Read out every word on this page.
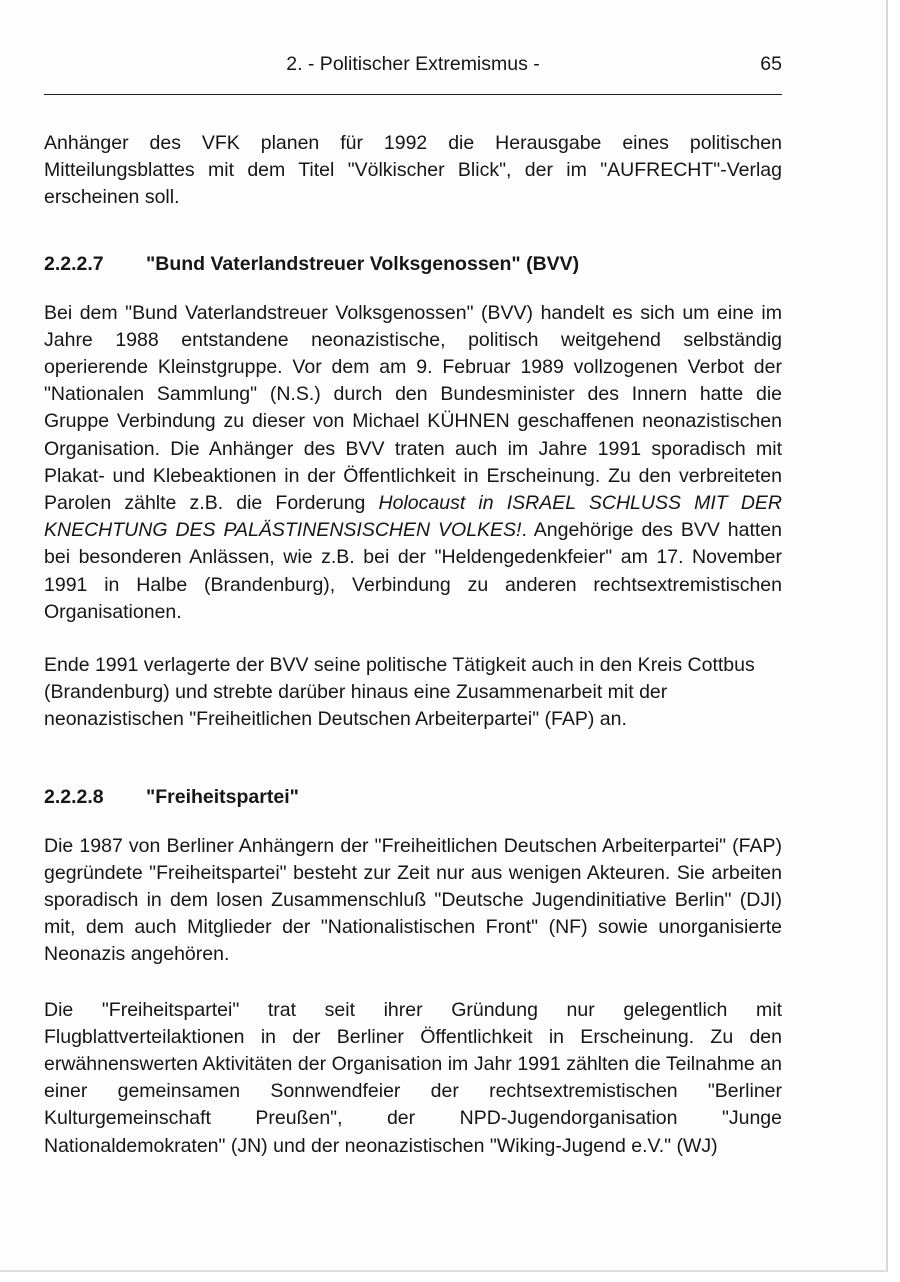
2. - Politischer Extremismus -	65

Anhänger des VFK planen für 1992 die Herausgabe eines politischen Mitteilungsblattes mit dem Titel "Völkischer Blick", der im "AUFRECHT"-Verlag erscheinen soll.

2.2.2.7 "Bund Vaterlandstreuer Volksgenossen" (BVV)

Bei dem "Bund Vaterlandstreuer Volksgenossen" (BVV) handelt es sich um eine im Jahre 1988 entstandene neonazistische, politisch weitgehend selbständig operierende Kleinstgruppe. Vor dem am 9. Februar 1989 vollzogenen Verbot der "Nationalen Sammlung" (N.S.) durch den Bundesminister des Innern hatte die Gruppe Verbindung zu dieser von Michael KÜHNEN geschaffenen neonazistischen Organisation. Die Anhänger des BVV traten auch im Jahre 1991 sporadisch mit Plakat- und Klebeaktionen in der Öffentlichkeit in Erscheinung. Zu den verbreiteten Parolen zählte z.B. die Forderung Holocaust in ISRAEL SCHLUSS MIT DER KNECHTUNG DES PALÄSTINENSISCHEN VOLKES!. Angehörige des BVV hatten bei besonderen Anlässen, wie z.B. bei der "Heldengedenkfeier" am 17. November 1991 in Halbe (Brandenburg), Verbindung zu anderen rechtsextremistischen Organisationen.

Ende 1991 verlagerte der BVV seine politische Tätigkeit auch in den Kreis Cottbus (Brandenburg) und strebte darüber hinaus eine Zusammenarbeit mit der neonazistischen "Freiheitlichen Deutschen Arbeiterpartei" (FAP) an.

2.2.2.8 "Freiheitspartei"

Die 1987 von Berliner Anhängern der "Freiheitlichen Deutschen Arbeiterpartei" (FAP) gegründete "Freiheitspartei" besteht zur Zeit nur aus wenigen Akteuren. Sie arbeiten sporadisch in dem losen Zusammenschluß "Deutsche Jugendinitiative Berlin" (DJI) mit, dem auch Mitglieder der "Nationalistischen Front" (NF) sowie unorganisierte Neonazis angehören.

Die "Freiheitspartei" trat seit ihrer Gründung nur gelegentlich mit Flugblattverteilaktionen in der Berliner Öffentlichkeit in Erscheinung. Zu den erwähnenswerten Aktivitäten der Organisation im Jahr 1991 zählten die Teilnahme an einer gemeinsamen Sonnwendfeier der rechtsextremistischen "Berliner Kulturgemeinschaft Preußen", der NPD-Jugendorganisation "Junge Nationaldemokraten" (JN) und der neonazistischen "Wiking-Jugend e.V." (WJ)
